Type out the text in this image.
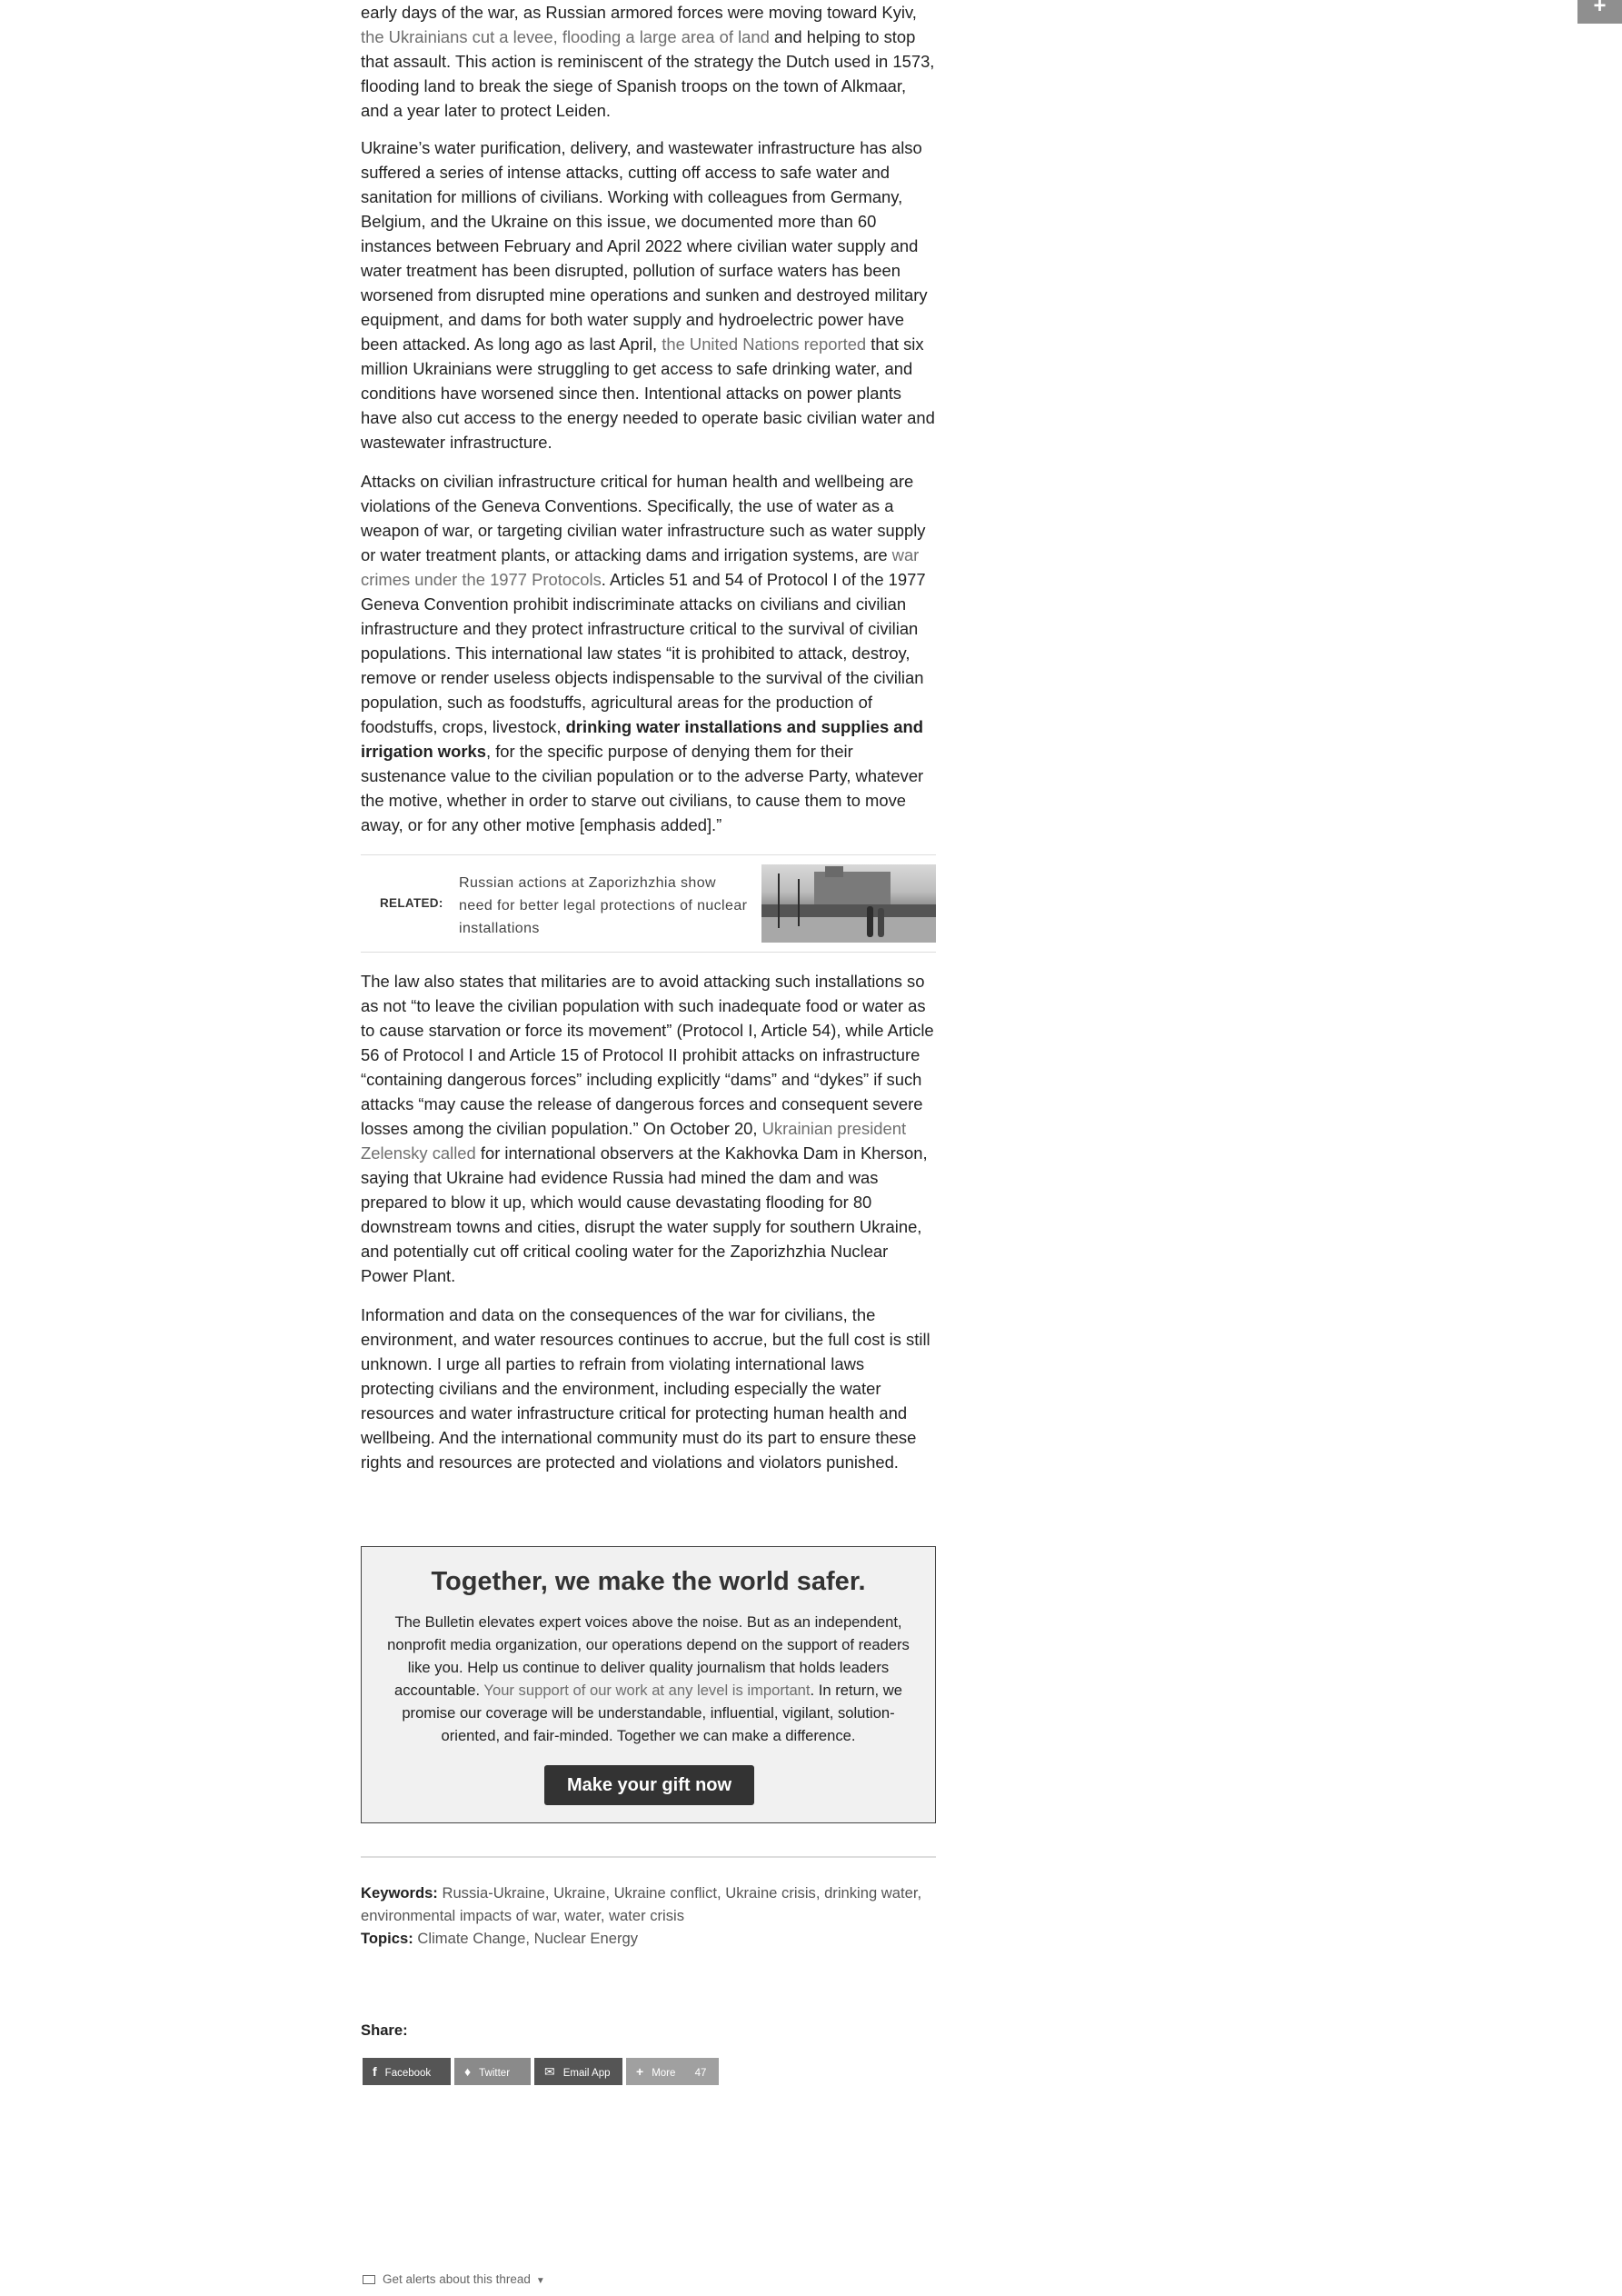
+

early days of the war, as Russian armored forces were moving toward Kyiv, the Ukrainians cut a levee, flooding a large area of land and helping to stop that assault. This action is reminiscent of the strategy the Dutch used in 1573, flooding land to break the siege of Spanish troops on the town of Alkmaar, and a year later to protect Leiden.

Ukraine’s water purification, delivery, and wastewater infrastructure has also suffered a series of intense attacks, cutting off access to safe water and sanitation for millions of civilians. Working with colleagues from Germany, Belgium, and the Ukraine on this issue, we documented more than 60 instances between February and April 2022 where civilian water supply and water treatment has been disrupted, pollution of surface waters has been worsened from disrupted mine operations and sunken and destroyed military equipment, and dams for both water supply and hydroelectric power have been attacked. As long ago as last April, the United Nations reported that six million Ukrainians were struggling to get access to safe drinking water, and conditions have worsened since then. Intentional attacks on power plants have also cut access to the energy needed to operate basic civilian water and wastewater infrastructure.

Attacks on civilian infrastructure critical for human health and wellbeing are violations of the Geneva Conventions. Specifically, the use of water as a weapon of war, or targeting civilian water infrastructure such as water supply or water treatment plants, or attacking dams and irrigation systems, are war crimes under the 1977 Protocols. Articles 51 and 54 of Protocol I of the 1977 Geneva Convention prohibit indiscriminate attacks on civilians and civilian infrastructure and they protect infrastructure critical to the survival of civilian populations. This international law states “it is prohibited to attack, destroy, remove or render useless objects indispensable to the survival of the civilian population, such as foodstuffs, agricultural areas for the production of foodstuffs, crops, livestock, drinking water installations and supplies and irrigation works, for the specific purpose of denying them for their sustenance value to the civilian population or to the adverse Party, whatever the motive, whether in order to starve out civilians, to cause them to move away, or for any other motive [emphasis added].”

RELATED:
Russian actions at Zaporizhzhia show need for better legal protections of nuclear installations

The law also states that militaries are to avoid attacking such installations so as not “to leave the civilian population with such inadequate food or water as to cause starvation or force its movement” (Protocol I, Article 54), while Article 56 of Protocol I and Article 15 of Protocol II prohibit attacks on infrastructure “containing dangerous forces” including explicitly “dams” and “dykes” if such attacks “may cause the release of dangerous forces and consequent severe losses among the civilian population.” On October 20, Ukrainian president Zelensky called for international observers at the Kakhovka Dam in Kherson, saying that Ukraine had evidence Russia had mined the dam and was prepared to blow it up, which would cause devastating flooding for 80 downstream towns and cities, disrupt the water supply for southern Ukraine, and potentially cut off critical cooling water for the Zaporizhzhia Nuclear Power Plant.

Information and data on the consequences of the war for civilians, the environment, and water resources continues to accrue, but the full cost is still unknown. I urge all parties to refrain from violating international laws protecting civilians and the environment, including especially the water resources and water infrastructure critical for protecting human health and wellbeing. And the international community must do its part to ensure these rights and resources are protected and violations and violators punished.

Together, we make the world safer.
The Bulletin elevates expert voices above the noise. But as an independent, nonprofit media organization, our operations depend on the support of readers like you. Help us continue to deliver quality journalism that holds leaders accountable. Your support of our work at any level is important. In return, we promise our coverage will be understandable, influential, vigilant, solution-oriented, and fair-minded. Together we can make a difference.
Make your gift now
Keywords: Russia-Ukraine, Ukraine, Ukraine conflict, Ukraine crisis, drinking water, environmental impacts of war, water, water crisis
Topics: Climate Change, Nuclear Energy
Share:
f Facebook	♦ Twitter	✉ Email App	+ More 47
Get alerts about this thread ▼
